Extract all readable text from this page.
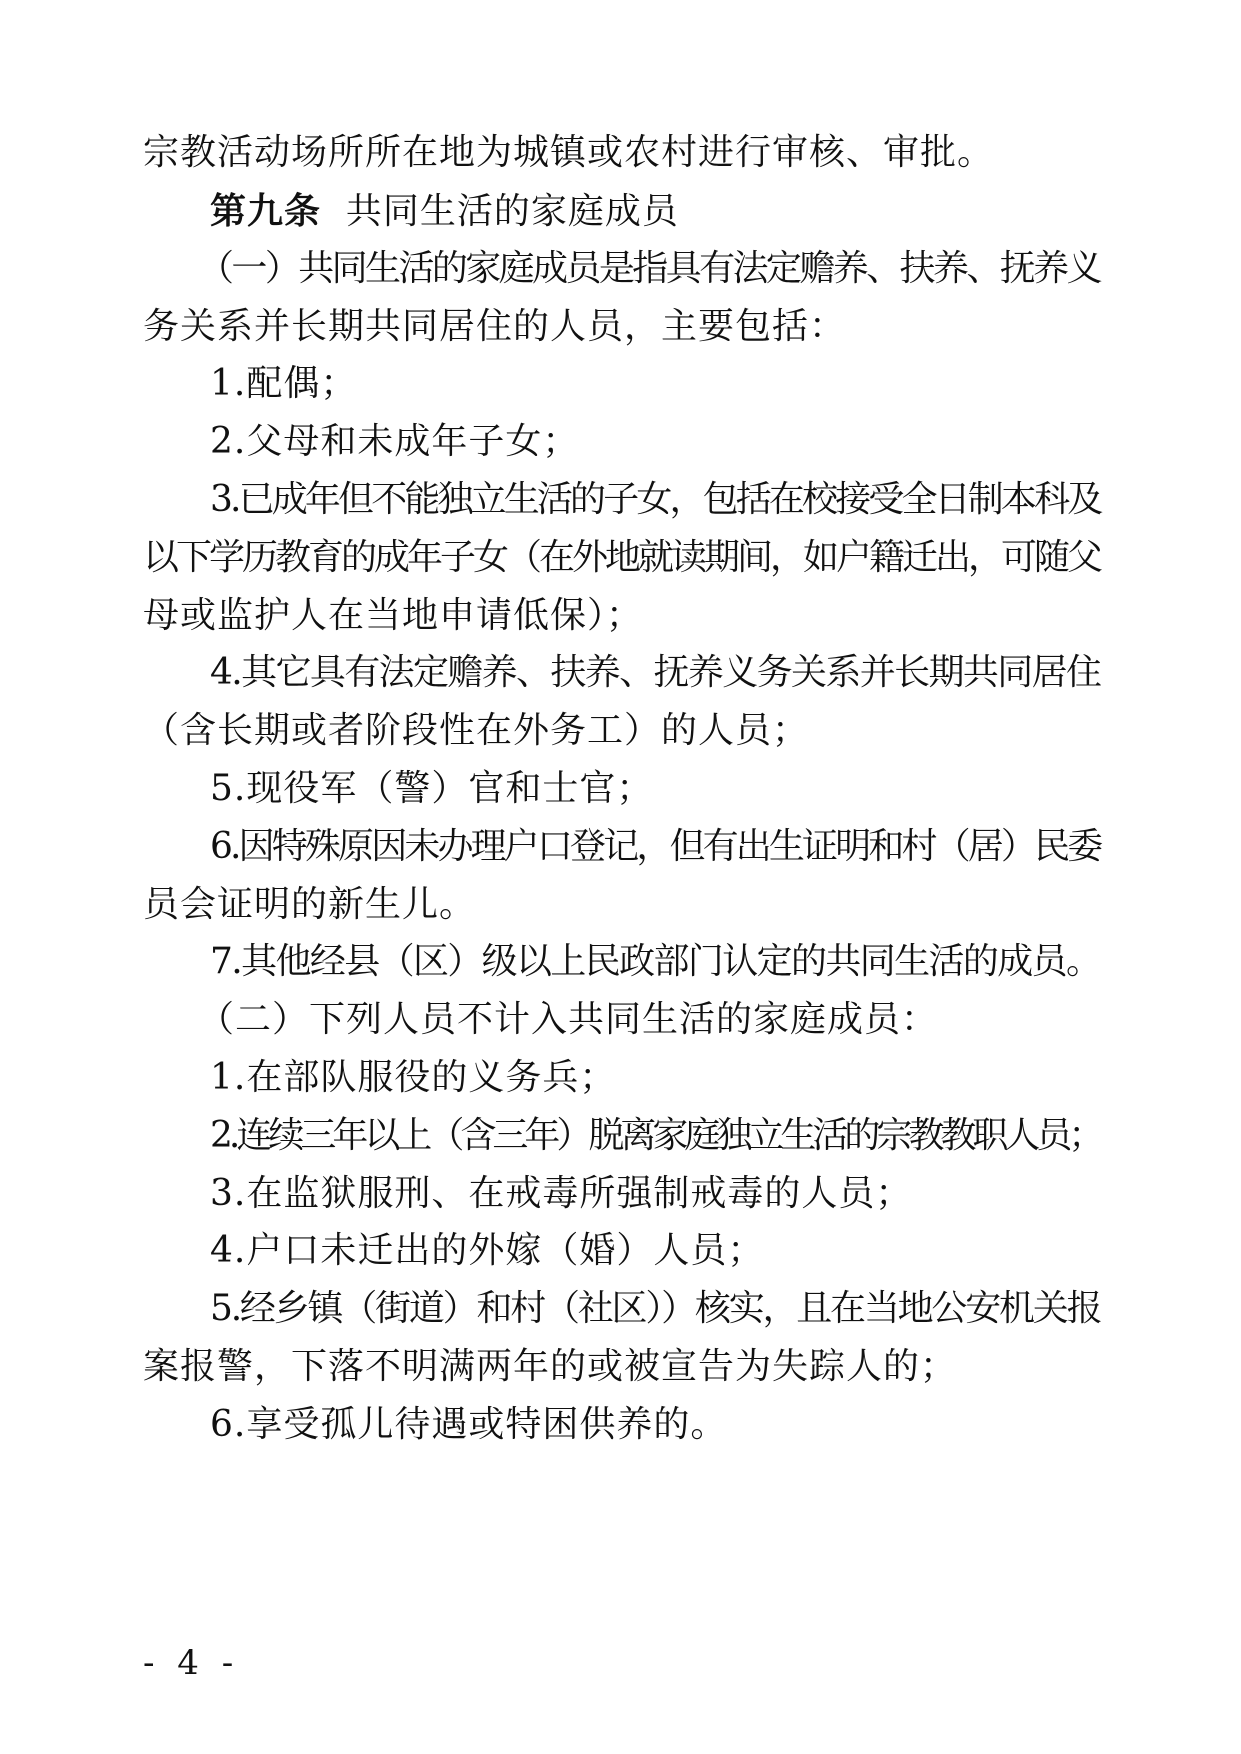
宗教活动场所所在地为城镇或农村进行审核、审批。
第九条 共同生活的家庭成员
（一）共同生活的家庭成员是指具有法定赡养、扶养、抚养义
务关系并长期共同居住的人员，主要包括：
1.配偶；
2.父母和未成年子女；
3.已成年但不能独立生活的子女，包括在校接受全日制本科及
以下学历教育的成年子女（在外地就读期间，如户籍迁出，可随父
母或监护人在当地申请低保）；
4.其它具有法定赡养、扶养、抚养义务关系并长期共同居住
（含长期或者阶段性在外务工）的人员；
5.现役军（警）官和士官；
6.因特殊原因未办理户口登记，但有出生证明和村（居）民委
员会证明的新生儿。
7.其他经县（区）级以上民政部门认定的共同生活的成员。
（二）下列人员不计入共同生活的家庭成员：
1.在部队服役的义务兵；
2.连续三年以上（含三年）脱离家庭独立生活的宗教教职人员；
3.在监狱服刑、在戒毒所强制戒毒的人员；
4.户口未迁出的外嫁（婚）人员；
5.经乡镇（街道）和村（社区））核实，且在当地公安机关报
案报警，下落不明满两年的或被宣告为失踪人的；
6.享受孤儿待遇或特困供养的。
- 4 -
